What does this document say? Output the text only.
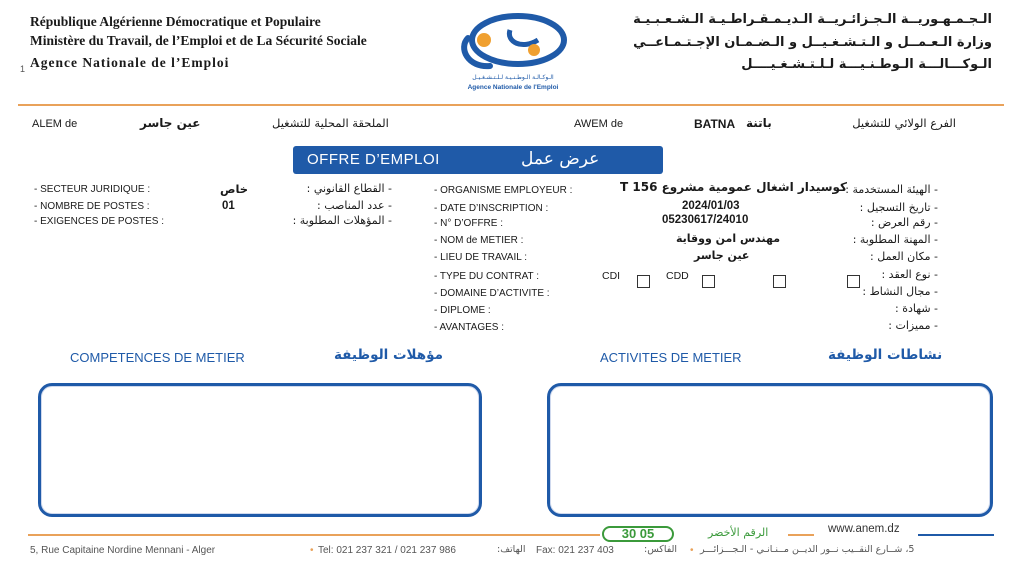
République Algérienne Démocratique et Populaire
Ministère du Travail, de l’Emploi et de La Sécurité Sociale
Agence Nationale de l’Emploi
1
الـوكـالـة الـوطـنـيـة لـلـتـشـغـيـل
Agence Nationale de l'Emploi
الـجـمـهـوريــة الـجـزائـريــة الـديـمـقـراطـيـة الـشـعـبـيـة
وزارة الـعـمــل و الـتـشـغـيــل و الـضـمـان الإجـتـمـاعــي
الـوكـــالـــة الـوطـنـيـــة لـلـتـشـغـيــــل
ALEM de	عين جاسر	الملحقة المحلية للتشغيل	AWEM de	BATNA باتنة	الفرع الولائي للتشغيل
OFFRE D’EMPLOI	عرض عمل
- SECTEUR JURIDIQUE :	خاص	- القطاع القانوني :
- NOMBRE DE POSTES :	01	- عدد المناصب :
- EXIGENCES DE POSTES :	- المؤهلات المطلوبة :
- ORGANISME EMPLOYEUR :	كوسيدار اشغال عمومية مشروع T 156
- DATE D’INSCRIPTION :	2024/01/03
- N° D’OFFRE :	05230617/24010
- NOM de METIER :	مهندس امن ووقاية
- LIEU DE TRAVAIL :	عين جاسر
- TYPE DU CONTRAT :	CDI	CDD
- DOMAINE D’ACTIVITE :
- DIPLOME :
- AVANTAGES :
- الهيئة المستخدمة :
- تاريخ التسجيل :
- رقم العرض :
- المهنة المطلوبة :
- مكان العمل :
- نوع العقد :
- مجال النشاط :
- شهادة :
- مميزات :
COMPETENCES DE METIER	مؤهلات الوظيفة	ACTIVITES DE METIER	نشاطات الوظيفة
30 05	الرقم الأخضر	www.anem.dz
5, Rue Capitaine Nordine Mennani - Alger	• Tel: 021 237 321 / 021 237 986	الهاتف: Fax: 021 237 403	الفاكس: • 5، شــارع النقــيب نــور الديــن مــنـانـي - الـجـــزائـــر
